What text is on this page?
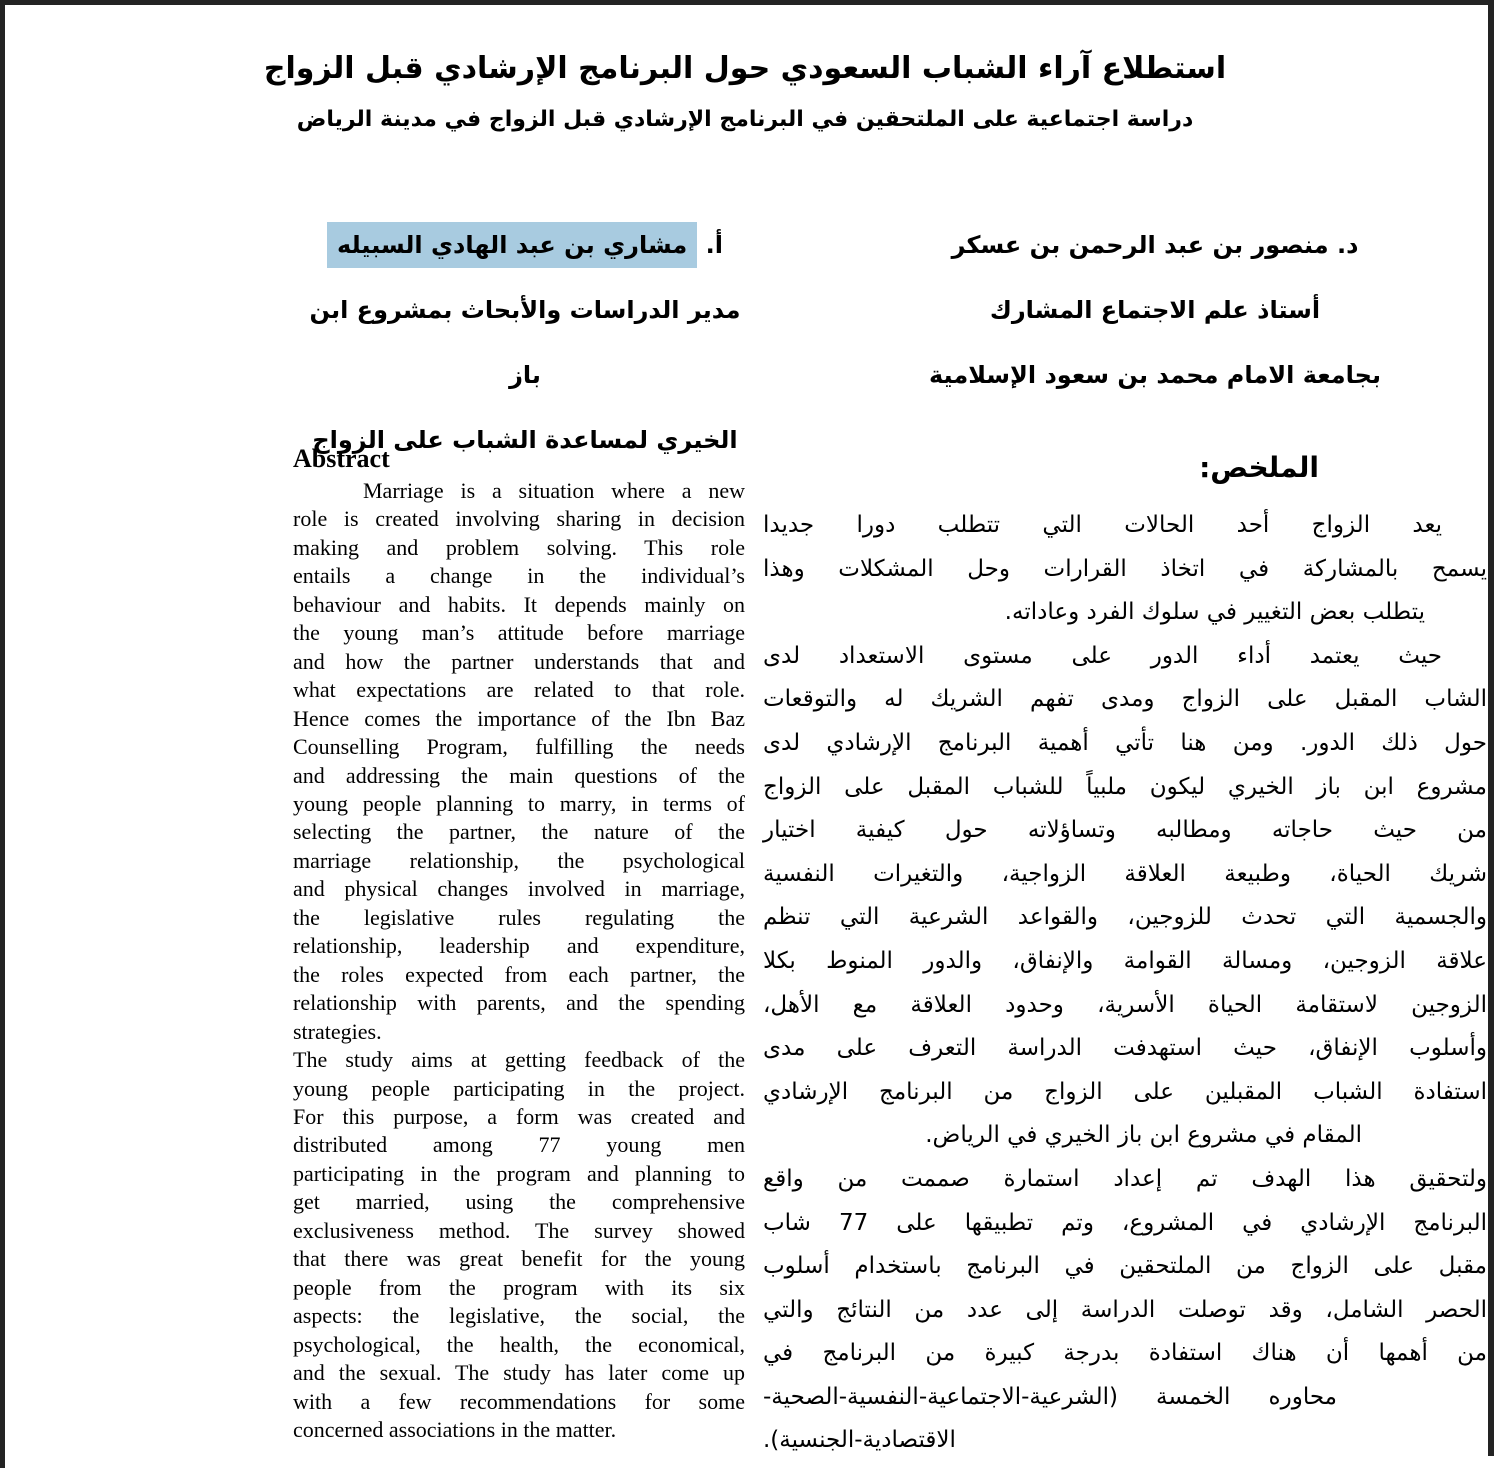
استطلاع آراء الشباب السعودي حول البرنامج الإرشادي قبل الزواج
دراسة اجتماعية على الملتحقين في البرنامج الإرشادي قبل الزواج في مدينة الرياض
د. منصور بن عبد الرحمن بن عسكر
أستاذ علم الاجتماع المشارك
بجامعة الامام محمد بن سعود الإسلامية
أ. مشاري بن عبد الهادي السبيله
مدير الدراسات والأبحاث بمشروع ابن باز
الخيري لمساعدة الشباب على الزواج
Abstract
Marriage is a situation where a new
role is created involving sharing in decision
making and problem solving. This role
entails a change in the individual’s
behaviour and habits. It depends mainly on
the young man’s attitude before marriage
and how the partner understands that and
what expectations are related to that role.
Hence comes the importance of the Ibn Baz
Counselling Program, fulfilling the needs
and addressing the main questions of the
young people planning to marry, in terms of
selecting the partner, the nature of the
marriage relationship, the psychological
and physical changes involved in marriage,
the legislative rules regulating the
relationship, leadership and expenditure,
the roles expected from each partner, the
relationship with parents, and the spending
strategies.
The study aims at getting feedback of the
young people participating in the project.
For this purpose, a form was created and
distributed among 77 young men
participating in the program and planning to
get married, using the comprehensive
exclusiveness method. The survey showed
that there was great benefit for the young
people from the program with its six
aspects: the legislative, the social, the
psychological, the health, the economical,
and the sexual. The study has later come up
with a few recommendations for some
concerned associations in the matter.
الملخص:
يعد الزواج أحد الحالات التي تتطلب دورا جديدا
يسمح بالمشاركة في اتخاذ القرارات وحل المشكلات وهذا
يتطلب بعض التغيير في سلوك الفرد وعاداته.
حيث يعتمد أداء الدور على مستوى الاستعداد لدى
الشاب المقبل على الزواج ومدى تفهم الشريك له والتوقعات
حول ذلك الدور. ومن هنا تأتي أهمية البرنامج الإرشادي لدى
مشروع ابن باز الخيري ليكون ملبياً للشباب المقبل على الزواج
من حيث حاجاته ومطالبه وتساؤلاته حول كيفية اختيار
شريك الحياة، وطبيعة العلاقة الزواجية، والتغيرات النفسية
والجسمية التي تحدث للزوجين، والقواعد الشرعية التي تنظم
علاقة الزوجين، ومسالة القوامة والإنفاق، والدور المنوط بكلا
الزوجين لاستقامة الحياة الأسرية، وحدود العلاقة مع الأهل،
وأسلوب الإنفاق، حيث استهدفت الدراسة التعرف على مدى
استفادة الشباب المقبلين على الزواج من البرنامج الإرشادي
المقام في مشروع ابن باز الخيري في الرياض.
ولتحقيق هذا الهدف تم إعداد استمارة صممت من واقع
البرنامج الإرشادي في المشروع، وتم تطبيقها على 77 شاب
مقبل على الزواج من الملتحقين في البرنامج باستخدام أسلوب
الحصر الشامل، وقد توصلت الدراسة إلى عدد من النتائج والتي
من أهمها أن هناك استفادة بدرجة كبيرة من البرنامج في
محاوره الخمسة (الشرعية-الاجتماعية-النفسية-الصحية-
الاقتصادية-الجنسية).
